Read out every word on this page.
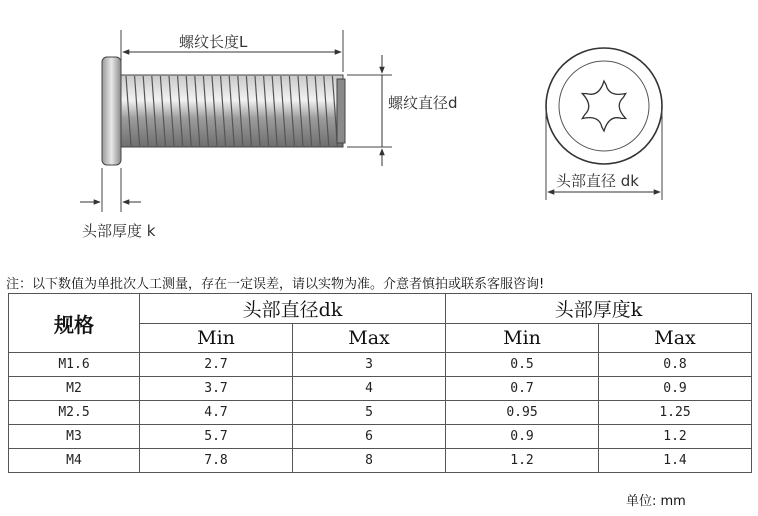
螺纹长度L
螺纹直径d
头部厚度 k
头部直径 dk
注：以下数值为单批次人工测量，存在一定误差，请以实物为准。介意者慎拍或联系客服咨询!
规格	头部直径dk		头部厚度k	
	Min	Max	Min	Max
M1.6	2.7	3	0.5	0.8
M2	3.7	4	0.7	0.9
M2.5	4.7	5	0.95	1.25
M3	5.7	6	0.9	1.2
M4	7.8	8	1.2	1.4
单位: mm
